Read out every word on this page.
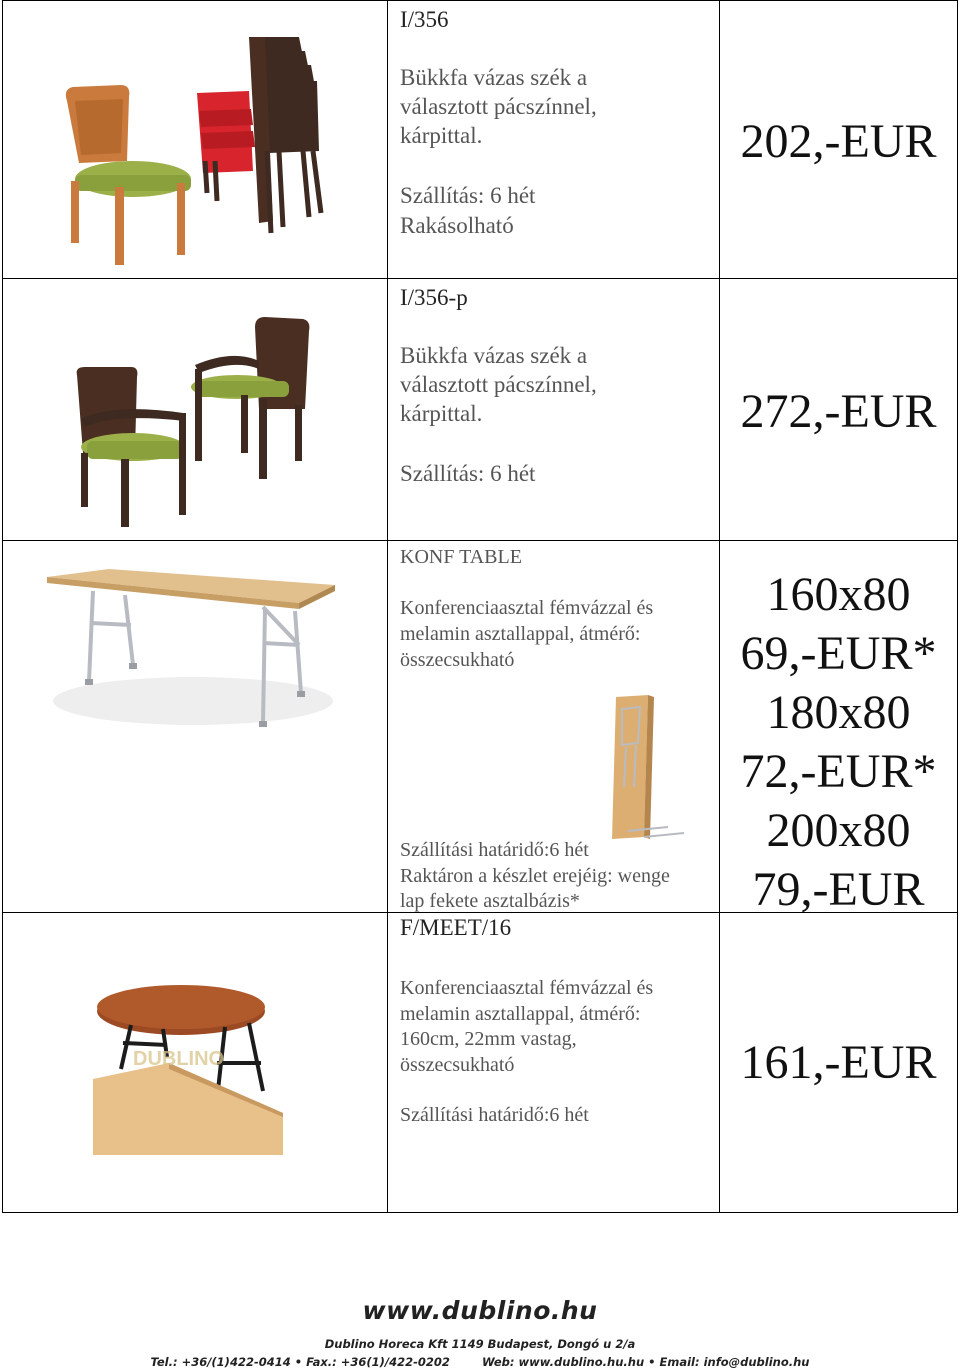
I/356
Bükkfa vázas szék a
választott pácszínnel,
kárpittal.
Szállítás: 6 hét
Rakásolható
202,-EUR
I/356-p
Bükkfa vázas szék a
választott pácszínnel,
kárpittal.
Szállítás: 6 hét
272,-EUR
KONF TABLE
Konferenciaasztal fémvázzal és
melamin asztallappal, átmérő:
összecsukható
Szállítási határidő:6 hét
Raktáron a készlet erejéig: wenge
lap fekete asztalbázis*
160x80
69,-EUR*
180x80
72,-EUR*
200x80
79,-EUR
DUBLINO
F/MEET/16
Konferenciaasztal fémvázzal és
melamin asztallappal, átmérő:
160cm, 22mm vastag,
összecsukható
Szállítási határidő:6 hét
161,-EUR
www.dublino.hu
Dublino Horeca Kft 1149 Budapest, Dongó u 2/a
Tel.: +36/(1)422-0414 • Fax.: +36(1)/422-0202        Web: www.dublino.hu.hu • Email: info@dublino.hu
